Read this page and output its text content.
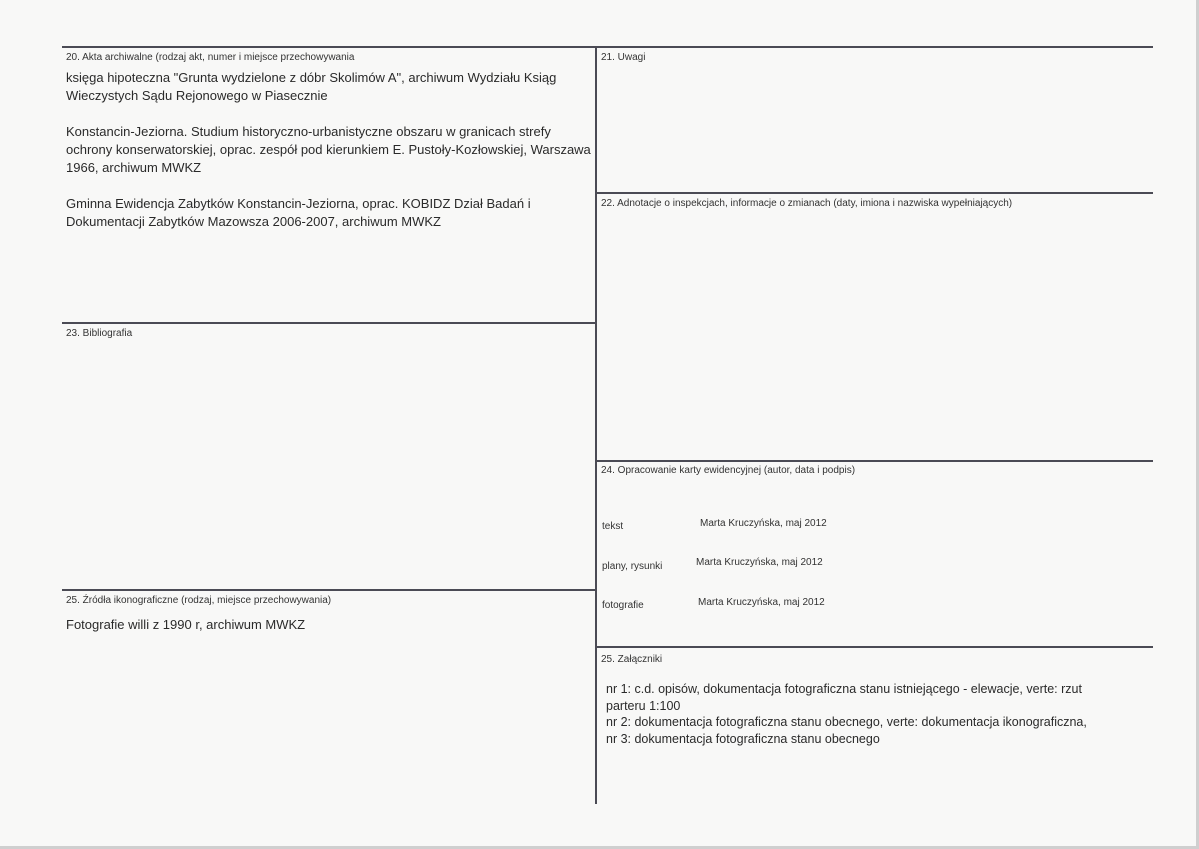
20. Akta archiwalne (rodzaj akt, numer i miejsce przechowywania

księga hipoteczna "Grunta wydzielone z dóbr Skolimów A", archiwum Wydziału Ksiąg Wieczystych Sądu Rejonowego w Piasecznie

Konstancin-Jeziorna. Studium historyczno-urbanistyczne obszaru w granicach strefy ochrony konserwatorskiej, oprac. zespół pod kierunkiem E. Pustoły-Kozłowskiej, Warszawa 1966, archiwum MWKZ

Gminna Ewidencja Zabytków Konstancin-Jeziorna, oprac. KOBIDZ Dział Badań i Dokumentacji Zabytków Mazowsza 2006-2007, archiwum MWKZ

21. Uwagi
22. Adnotacje o inspekcjach, informacje o zmianach (daty, imiona i nazwiska wypełniających)
23. Bibliografia
24. Opracowanie karty ewidencyjnej (autor, data i podpis)
tekst	Marta Kruczyńska, maj 2012
plany, rysunki	Marta Kruczyńska, maj 2012
fotografie	Marta Kruczyńska, maj 2012
25. Źródła ikonograficzne (rodzaj, miejsce przechowywania)
Fotografie willi z 1990 r, archiwum MWKZ
25. Załączniki
nr 1: c.d. opisów, dokumentacja fotograficzna stanu istniejącego - elewacje, verte: rzut
parteru 1:100
nr 2: dokumentacja fotograficzna stanu obecnego, verte: dokumentacja ikonograficzna,
nr 3: dokumentacja fotograficzna stanu obecnego
